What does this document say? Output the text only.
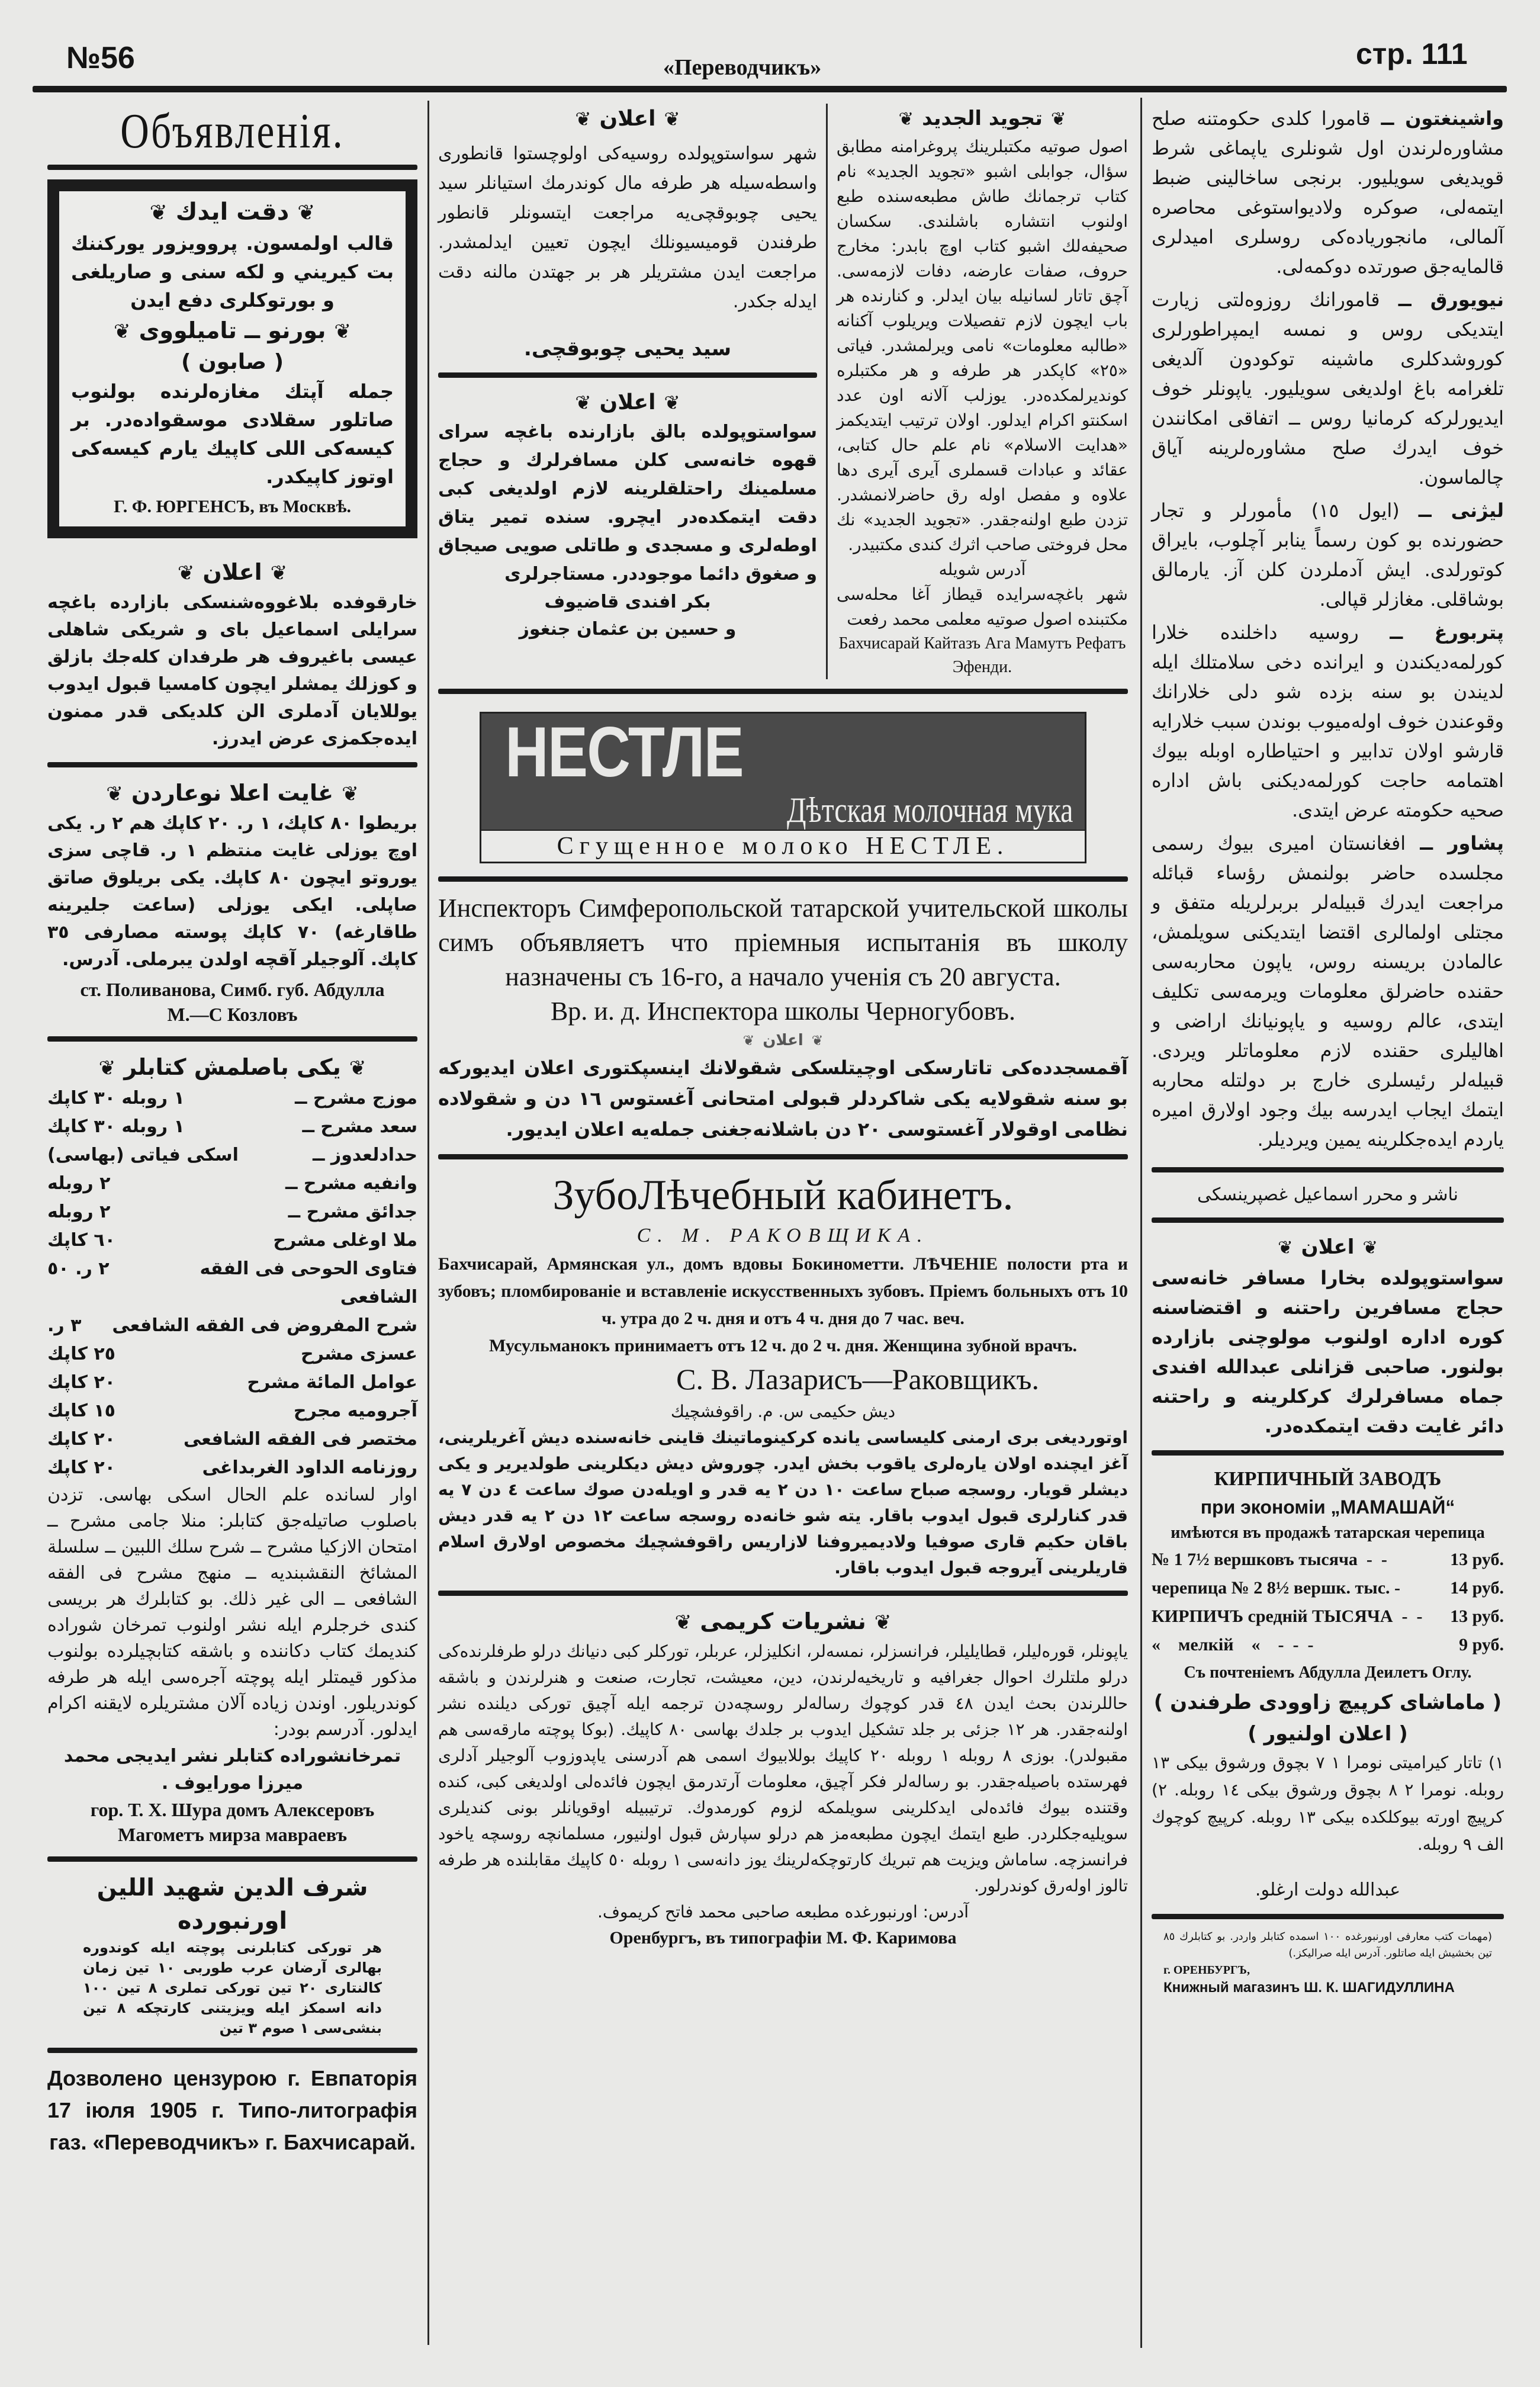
№56	«Переводчикъ»	стр. 111
Объявленія.
❦دقت ايدك❦
قالب اولمسون. پروويزور يوركننك بت كيريني و لكه سنى و صاريلغى و بورتوكلرى دفع ايدن
❦بورنو ــ تاميلووى❦
( صابون )
جمله آپتك مغازه‌لرنده بولنوب صاتلور سقلادى موسقواده‌در. بر كيسه‌كى اللى كاپيك يارم كيسه‌كى اوتوز كاپيكدر.
Г. Ф. ЮРГЕНСЪ, въ Москвѣ.
❦اعلان❦
خارقوفده بلاغووه‌شنسكى بازارده باغچه سرايلى اسماعيل باى و شريكى شاهلى عيسى باغيروف هر طرفدان كله‌جك بازلق و كوزلك يمشلر ايچون كامسيا قبول ايدوب يوللايان آدملرى الن كلديكى قدر ممنون ايده‌جكمزى عرض ايدرز.
❦غايت اعلا نوعاردن❦
بريطوا ٨٠ كاپك، ١ ر. ٢٠ كاپك هم ٢ ر. يكى اوچ يوزلى غايت منتظم ١ ر. قاچى سزى يوروتو ايچون ٨٠ كاپك. يكى بريلوق صاتق صاپلى. ايكى يوزلى (ساعت جليرينه طاقارغه) ٧٠ كاپك پوسته مصارفى ٣٥ كاپك. آلوجيلر آقچه اولدن يبرملى. آدرس.
ст. Поливанова, Симб. губ. Абдулла
М.—С Козловъ
❦يكى باصلمش كتابلر❦
موزج مشرح ــ
١ روبله ٣٠ كاپك
سعد مشرح ــ
١ روبله ٣٠ كاپك
حدادلعدوز ــ
اسكى فياتى (بهاسى)
وانفيه مشرح ــ
٢ روبله
جدائق مشرح ــ
٢ روبله
ملا اوغلى مشرح
٦٠ كاپك
فتاوى الحوحى فى الفقه الشافعى
٢ ر. ٥٠
شرح المفروض فى الفقه الشافعى
٣ ر.
عسزى مشرح
٢٥ كاپك
عوامل المائة مشرح
٢٠ كاپك
آجروميه مجرح
١٥ كاپك
مختصر فى الفقه الشافعى
٢٠ كاپك
روزنامه الداود الغربداغى
٢٠ كاپك
اوار لسانده علم الحال اسكى بهاسى. تزدن باصلوب صاتيله‌جق كتابلر: منلا جامى مشرح ــ امتحان الازكيا مشرح ــ شرح سلك اللبين ــ سلسلة المشائخ النقشبنديه ــ منهج مشرح فى الفقه الشافعى ــ الى غير ذلك. بو كتابلرك هر بريسى كندى خرجلرم ايله نشر اولنوب تمرخان شوراده كنديمك كتاب دكاننده و باشقه كتابچيلرده بولنوب مذكور قيمتلر ايله پوچته آجره‌سى ايله هر طرفه كوندريلور. اوندن زياده آلان مشتريلره لايقنه اكرام ايدلور. آدرسم بودر:
تمرخانشوراده كتابلر نشر ايديجى محمد ميرزا مورايوف .
гор. Т. Х. Шура домъ Алексеровъ
Магометъ мирза мавраевъ
شرف الدين شهيد اللين اورنبورده
هر توركى كتابلرنى پوچته ايله كوندوره بهالرى آرضان عرب طوربى ١٠ تين زمان كالنتارى ٢٠ تين توركى تملرى ٨ تين ١٠٠ دانه اسمكز ايله ويزيتنى كارتچكه ٨ تين بنشى‌سى ١ صوم ٣ تين
Дозволено цензурою г. Евпаторія 17 іюля 1905 г. Типо-литографія газ. «Переводчикъ» г. Бахчисарай.
❦اعلان❦
شهر سواستوپولده روسيه‌كى اولوچستوا قانطورى واسطه‌سيله هر طرفه مال كوندرمك استيانلر سيد يحيى چوبوقچى‌يه مراجعت ايتسونلر قانطور طرفندن قوميسيونلك ايچون تعيين ايدلمشدر. مراجعت ايدن مشتريلر هر بر جهتدن مالنه دقت ايدله جكدر.
سيد يحيى چوبوقچى.
❦اعلان❦
سواستوپولده بالق بازارنده باغچه سراى قهوه خانه‌سى كلن مسافرلرك و حجاج مسلمينك راحتلقلرينه لازم اولديغى كبى دقت ايتمكده‌در ايچرو. سنده تمير يتاق اوطه‌لرى و مسجدى و طاتلى صويى صيجاق و صغوق دائما موجوددر. مستاجرلرى
بكر افندى قاضيوف
و حسين بن عثمان جنغوز
❦تجويد الجديد❦
اصول صوتيه مكتبلرينك پروغرامنه مطابق سؤال، جوابلى اشبو «تجويد الجديد» نام كتاب ترجمانك طاش مطبعه‌سنده طبع اولنوب انتشاره باشلندى. سكسان صحيفه‌لك اشبو كتاب اوچ بابدر: مخارج حروف، صفات عارضه، دفات لازمه‌سى. آچق تاتار لسانيله بيان ايدلر. و كنارنده هر باب ايچون لازم تفصيلات ويريلوب آكنانه «طالبه معلومات» نامى ويرلمشدر. فياتى «٢٥» كاپكدر هر طرفه و هر مكتبلره كونديرلمكده‌در. يوزلب آلانه اون عدد اسكنتو اكرام ايدلور. اولان ترتيب ايتديكمز «هدايت الاسلام» نام علم حال كتابى، عقائد و عبادات قسملرى آيرى آيرى دها علاوه و مفصل اوله رق حاضرلانمشدر. تزدن طبع اولنه‌جقدر. «تجويد الجديد» نك محل فروختى صاحب اثرك كندى مكتبيدر.
آدرس شويله
شهر باغچه‌سرايده قيطاز آغا محله‌سى مكتبنده اصول صوتيه معلمى محمد رفعت
Бахчисарай Кайтазъ Ага Мамутъ Рефатъ Эфенди.
НЕСТЛЕ
Дѣтская молочная мука
Сгущенное молоко НЕСТЛЕ.
Инспекторъ Симферопольской татарской учительской школы симъ объявляетъ что пріемныя испытанія въ школу назначены съ 16-го, а начало ученія съ 20 августа.
Вр. и. д. Инспектора школы Черногубовъ.
❦اعلان❦
آقمسجدده‌كى تاتارسكى اوچيتلسكى شقولانك اينسپكتورى اعلان ايديوركه بو سنه شقولايه يكى شاكردلر قبولى امتحانى آغستوس ١٦ دن و شقولاده نظامى اوقولار آغستوسى ٢٠ دن باشلانه‌جغنى جمله‌يه اعلان ايديور.
ЗубоЛѣчебный кабинетъ.
С. М. РАКОВЩИКА.
Бахчисарай, Армянская ул., домъ вдовы Бокинометти. ЛѢЧЕНІЕ полости рта и зубовъ; пломбированіе и вставленіе искусственныхъ зубовъ. Пріемъ больныхъ отъ 10 ч. утра до 2 ч. дня и отъ 4 ч. дня до 7 час. веч.
Мусульманокъ принимаетъ отъ 12 ч. до 2 ч. дня. Женщина зубной врачъ.
С. В. Лазарисъ—Раковщикъ.
ديش حكيمى س. م. راقوفشچيك
اوتورديغى برى ارمنى كليساسى يانده كركينوماتينك قاينى خانه‌سنده ديش آغريلرينى، آغز ايچنده اولان ياره‌لرى ياقوب بخش ايدر. چوروش ديش ديكلرينى طولديرير و يكى ديشلر قويار. روسجه صباح ساعت ١٠ دن ٢ يه قدر و اويله‌دن صوك ساعت ٤ دن ٧ يه قدر كنارلرى قبول ايدوب باقار. يته شو خانه‌ده روسجه ساعت ١٢ دن ٢ يه قدر ديش باقان حكيم قارى صوفيا ولاديميروفنا لازاريس راقوفشچيك مخصوص اولارق اسلام قاريلرينى آيروجه قبول ايدوب باقار.
❦نشريات كريمى❦
ياپونلر، قوره‌ليلر، قطايليلر، فرانسزلر، نمسه‌لر، انكليزلر، عربلر، توركلر كبى دنيانك درلو طرفلرنده‌كى درلو ملتلرك احوال جغرافيه و تاريخيه‌لرندن، دين، معيشت، تجارت، صنعت و هنرلرندن و باشقه حاللرندن بحث ايدن ٤٨ قدر كوچوك رساله‌لر روسچه‌دن ترجمه ايله آچيق توركى ديلنده نشر اولنه‌جقدر. هر ١٢ جزئى بر جلد تشكيل ايدوب بر جلدك بهاسى ٨٠ كاپيك. (بوكا پوچته مارقه‌سى هم مقبولدر). بوزى ٨ روبله ١ روبله ٢٠ كاپيك بوللابيوك اسمى هم آدرسنى ياپدوزوب آلوجيلر آدلرى فهرستده باصيله‌جقدر. بو رساله‌لر فكر آچيق، معلومات آرتدرمق ايچون فائده‌لى اولديغى كبى، كنده وقتنده بيوك فائده‌لى ايدكلرينى سويلمكه لزوم كورمدوك. ترتيبيله اوقويانلر بونى كنديلرى سويليه‌جكلردر. طبع ايتمك ايچون مطبعه‌مز هم درلو سپارش قبول اولنيور، مسلمانچه روسچه ياخود فرانسزچه. ساماش ويزيت هم تبريك كارتوچكه‌لرينك يوز دانه‌سى ١ روبله ٥٠ كاپيك مقابلنده هر طرفه تالوز اوله‌رق كوندرلور.
آدرس: اورنبورغده مطبعه صاحبى محمد فاتح كريموف.
Оренбургъ, въ типографіи М. Ф. Каримова
واشينغتون ــ قامورا كلدى حكومتنه صلح مشاوره‌لرندن اول شونلرى ياپماغى شرط قويديغى سويليور. برنجى ساخالينى ضبط ايتمه‌لى، صوكره ولاديواستوغى محاصره آلمالى، مانجورياده‌كى روسلرى اميدلرى قالمايه‌جق صورتده دوكمه‌لى.
نيويورق ــ قامورانك روزوه‌لتى زيارت ايتديكى روس و نمسه ايمپراطورلرى كوروشدكلرى ماشينه توكودون آلديغى تلغرامه باغ اولديغى سويليور. ياپونلر خوف ايديورلركه كرمانيا روس ــ اتفاقى امكانندن خوف ايدرك صلح مشاوره‌لرينه آياق چالماسون.
ليژنى ــ (ايول ١٥) مأمورلر و تجار حضورنده بو كون رسماً ينابر آچلوب، بايراق كوتورلدى. ايش آدملردن كلن آز. يارمالق بوشاقلى. مغازلر قپالى.
پتربورغ ــ روسيه داخلنده خلارا كورلمه‌ديكندن و ايرانده دخى سلامتلك ايله لديندن بو سنه بزده شو دلى خلارانك وقوعندن خوف اولەميوب بوندن سبب خلارايه قارشو اولان تدابير و احتياطاره اوبله بيوك اهتمامه حاجت كورلمه‌ديكنى باش اداره صحيه حكومته عرض ايتدى.
پشاور ــ افغانستان اميرى بيوك رسمى مجلسده حاضر بولنمش رؤساء قبائله مراجعت ايدرك قبيله‌لر بربرلريله متفق و مجتلى اولمالرى اقتضا ايتديكنى سويلمش، عالمادن بريسنه روس، ياپون محاربه‌سى حقنده حاضرلق معلومات ويرمه‌سى تكليف ايتدى، عالم روسيه و ياپونيانك اراضى و اهاليلرى حقنده لازم معلوماتلر ويردى. قبيله‌لر رئيسلرى خارج بر دولتله محاربه ايتمك ايجاب ايدرسه بيك وجود اولارق اميره ياردم ايده‌جكلرينه يمين ويرديلر.
ناشر و محرر اسماعيل غصپرينسكى
❦اعلان❦
سواستوپولده بخارا مسافر خانه‌سى حجاج مسافرين راحتنه و اقتضاسنه كوره اداره اولنوب مولوچنى بازارده بولنور. صاحبى قزانلى عبدالله افندى جماه مسافرلرك كركلرينه و راحتنه دائر غايت دقت ايتمكده‌در.
КИРПИЧНЫЙ ЗАВОДЪ
при экономіи „МАМАШАЙ“
имѣются въ продажѣ татарская черепица
№ 1 7½ вершковъ тысяча  -  -	13 руб.
черепица № 2 8½ вершк. тыс. -	14 руб.
КИРПИЧЪ средній ТЫСЯЧА  -  -	13 руб.
«    мелкій    «    -  -  -	9 руб.
Съ почтеніемъ Абдулла Деилетъ Оглу.
( ماماشاى كرپيچ زاوودى طرفندن )
( اعلان اولنيور )
١) تاتار كيراميتى نومرا ١ ٧ بچوق ورشوق بيكى ١٣ روبله. نومرا ٢ ٨ بچوق ورشوق بيكى ١٤ روبله. ٢) كرپيچ اورته بيوكلكده بيكى ١٣ روبله. كرپيچ كوچوك الف ٩ روبله.
عبدالله دولت ارغلو.
(مهمات كتب معارفى اورنبورغده ١٠٠ اسمده كتابلر واردر. بو كتابلرك ٨٥ تين بخشيش ايله صاتلور. آدرس ايله صراليكز.)
г. ОРЕНБУРГЪ,
Книжный магазинъ Ш. К. ШАГИДУЛЛИНА
